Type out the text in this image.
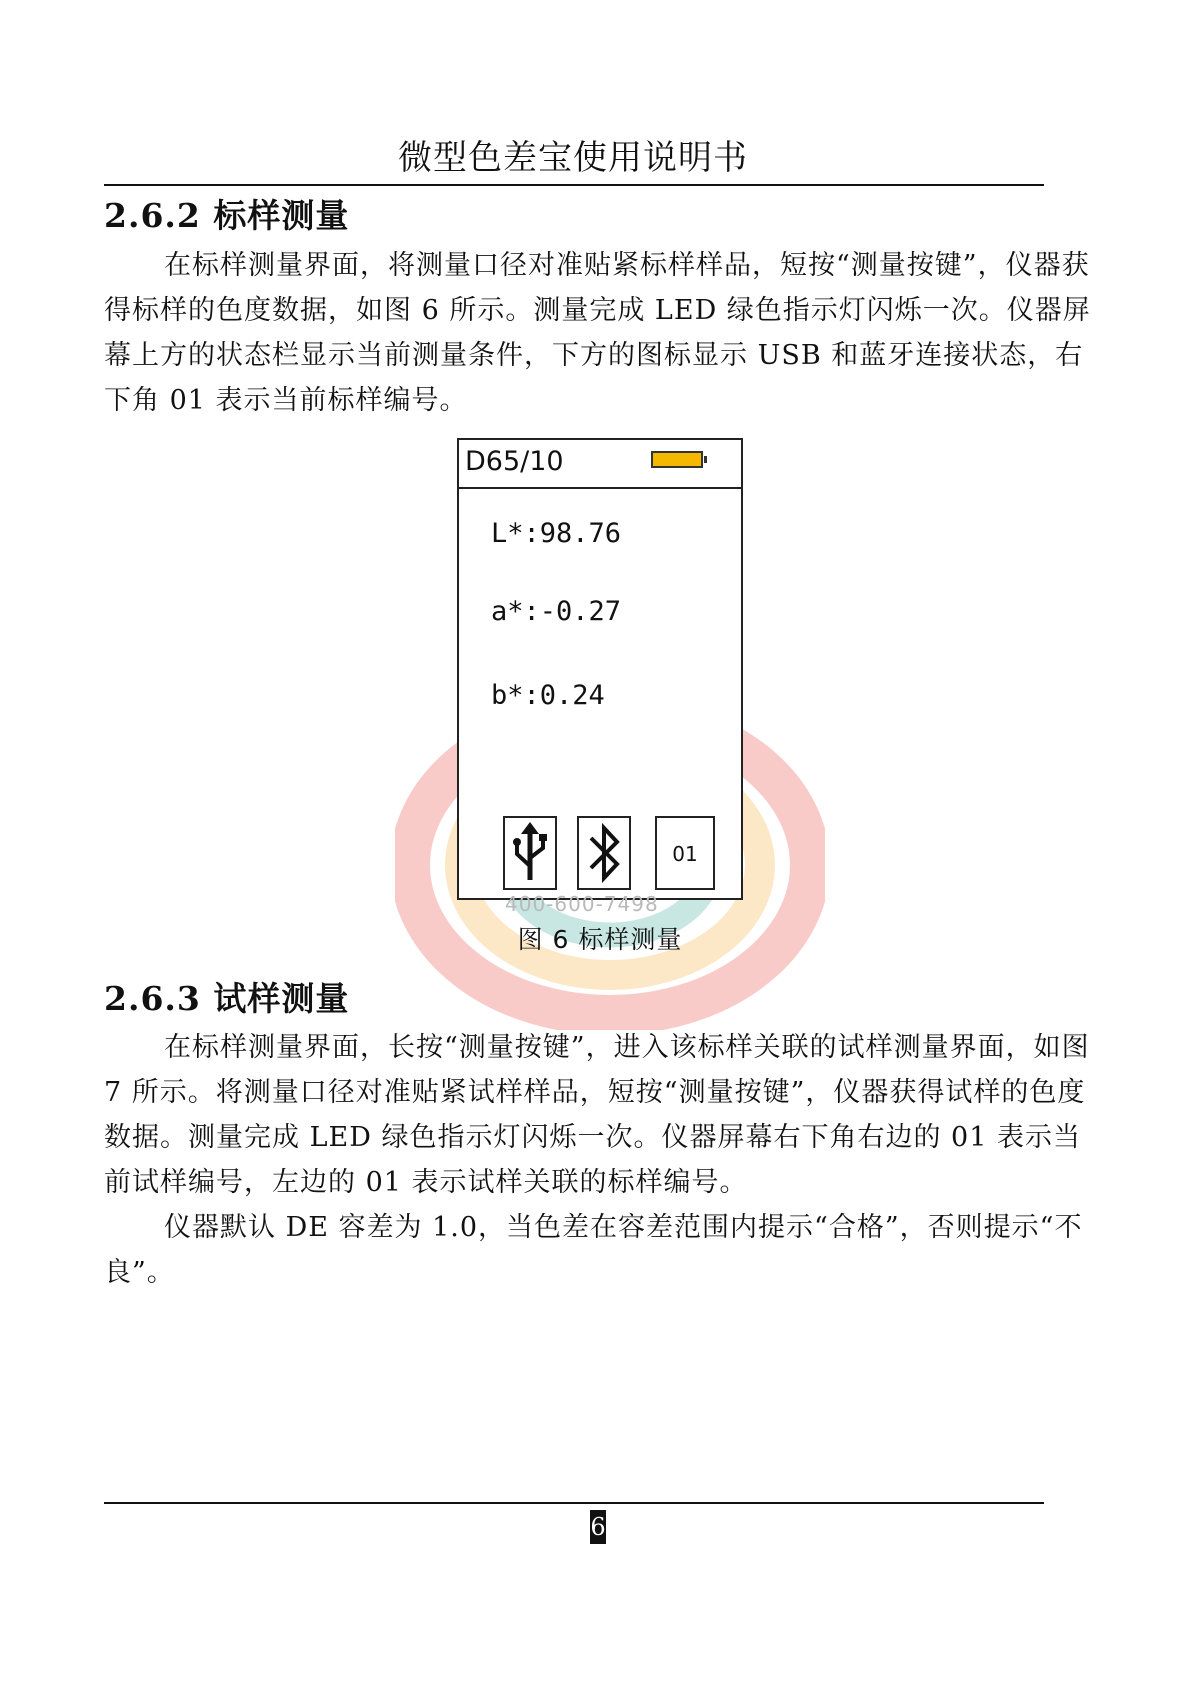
微型色差宝使用说明书
2.6.2 标样测量
在标样测量界面，将测量口径对准贴紧标样样品，短按“测量按键”，仪器获得标样的色度数据，如图 6 所示。测量完成 LED 绿色指示灯闪烁一次。仪器屏幕上方的状态栏显示当前测量条件，下方的图标显示 USB 和蓝牙连接状态，右下角 01 表示当前标样编号。
D65/10
L*:98.76
a*:-0.27
b*:0.24
01
400-600-7498
图 6 标样测量
2.6.3 试样测量
在标样测量界面，长按“测量按键”，进入该标样关联的试样测量界面，如图 7 所示。将测量口径对准贴紧试样样品，短按“测量按键”，仪器获得试样的色度数据。测量完成 LED 绿色指示灯闪烁一次。仪器屏幕右下角右边的 01 表示当前试样编号，左边的 01 表示试样关联的标样编号。
仪器默认 DE 容差为 1.0，当色差在容差范围内提示“合格”，否则提示“不良”。
6
